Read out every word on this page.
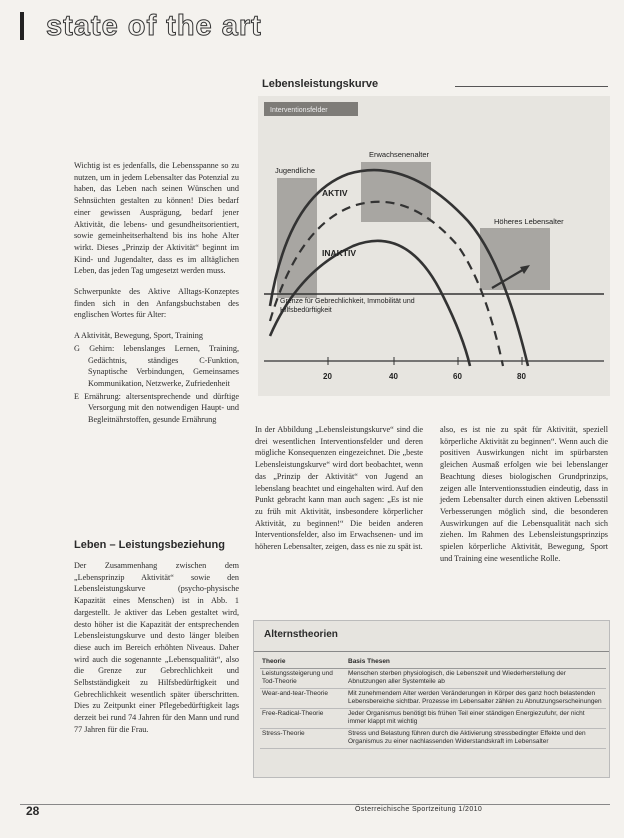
state of the art
Lebensleistungskurve
Interventionsfelder
Jugendliche
Erwachsenenalter
Höheres Lebensalter
AKTIV
INAKTIV
Grenze für Gebrechlichkeit, Immobilität und
Hilfsbedürftigkeit
20	40	60	80

Wichtig ist es jedenfalls, die Lebensspanne so zu nutzen, um in jedem Lebensalter das Potenzial zu haben, das Leben nach seinen Wünschen und Sehnsüchten gestalten zu können! Dies bedarf einer gewissen Ausprägung, bedarf jener Aktivität, die lebens- und gesundheitsorientiert, sowie gemeinheitserhaltend bis ins hohe Alter wirkt. Dieses „Prinzip der Aktivität“ beginnt im Kind- und Jugendalter, dass es im alltäglichen Leben, das jeden Tag umgesetzt werden muss.

Schwerpunkte des Aktive Alltags-Konzeptes finden sich in den Anfangsbuchstaben des englischen Wortes für Alter:

A Aktivität, Bewegung, Sport, Training
G Gehirn: lebenslanges Lernen, Training, Gedächtnis, ständiges C-Funktion, Synaptische Verbindungen, Gemeinsames Kommunikation, Netzwerke, Zufriedenheit
E Ernährung: altersentsprechende und dürftige Versorgung mit den notwendigen Haupt- und Begleitnährstoffen, gesunde Ernährung
Leben – Leistungsbeziehung

Der Zusammenhang zwischen dem „Lebensprinzip Aktivität“ sowie den Lebensleistungskurve (psycho-physische Kapazität eines Menschen) ist in Abb. 1 dargestellt. Je aktiver das Leben gestaltet wird, desto höher ist die Kapazität der entsprechenden Lebensleistungskurve und desto länger bleiben diese auch im Bereich erhöhten Niveaus. Daher wird auch die sogenannte „Lebensqualität“, also die Grenze zur Gebrechlichkeit und Selbstständigkeit zu Hilfsbedürftigkeit und Gebrechlichkeit wesentlich später überschritten. Dies zu Zeitpunkt einer Pflegebedürftigkeit lags derzeit bei rund 74 Jahren für den Mann und rund 77 Jahren für die Frau.

In der Abbildung „Lebensleistungskurve“ sind die drei wesentlichen Interventionsfelder und deren mögliche Konsequenzen eingezeichnet. Die „beste Lebensleistungskurve“ wird dort beobachtet, wenn das „Prinzip der Aktivität“ von Jugend an lebenslang beachtet und eingehalten wird. Auf den Punkt gebracht kann man auch sagen: „Es ist nie zu früh mit Aktivität, insbesondere körperlicher Aktivität, zu beginnen!“ Die beiden anderen Interventionsfelder, also im Erwachsenen- und im höheren Lebensalter, zeigen, dass es nie zu spät ist.

also, es ist nie zu spät für Aktivität, speziell körperliche Aktivität zu beginnen“. Wenn auch die positiven Auswirkungen nicht im spürbarsten gleichen Ausmaß erfolgen wie bei lebenslanger Beachtung dieses biologischen Grundprinzips, zeigen alle Interventionsstudien eindeutig, dass in jedem Lebensalter durch einen aktiven Lebensstil Verbesserungen möglich sind, die besonderen Auswirkungen auf die Lebensqualität nach sich ziehen. Im Rahmen des Lebensleistungsprinzips spielen körperliche Aktivität, Bewegung, Sport und Training eine wesentliche Rolle.

Alternstheorien
Theorie	Basis Thesen
Leistungssteigerung und Tod-Theorie	Menschen sterben physiologisch, die Lebenszeit und Wiederherstellung der Abnutzungen aller Systemteile ab
Wear-and-tear-Theorie	Mit zunehmendem Alter werden Veränderungen in Körper des ganz hoch belastenden Lebensbereiche sichtbar. Prozesse im Lebensalter zählen zu Abnutzungserscheinungen
Free-Radical-Theorie	Jeder Organismus benötigt bis frühen Teil einer ständigen Energiezufuhr, der nicht immer klappt mit wichtig
Stress-Theorie	Stress und Belastung führen durch die Aktivierung stressbedingter Effekte und den Organismus zu einer nachlassenden Widerstandskraft im Lebensalter
28	Österreichische Sportzeitung 1/2010
